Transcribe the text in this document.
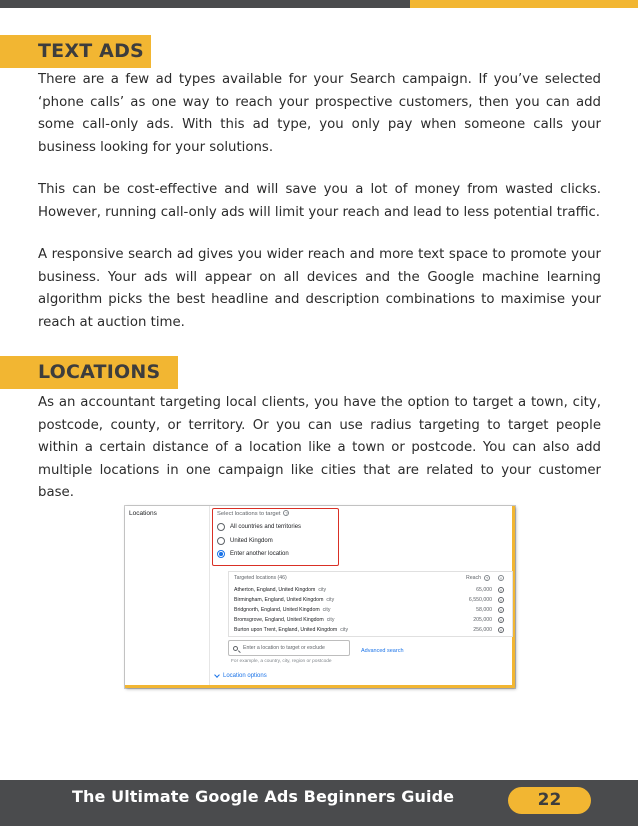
TEXT ADS

There are a few ad types available for your Search campaign. If you’ve selected ‘phone calls’ as one way to reach your prospective customers, then you can add some call-only ads. With this ad type, you only pay when someone calls your business looking for your solutions.

This can be cost-effective and will save you a lot of money from wasted clicks. However, running call-only ads will limit your reach and lead to less potential traffic.

A responsive search ad gives you wider reach and more text space to promote your business. Your ads will appear on all devices and the Google machine learning algorithm picks the best headline and description combinations to maximise your reach at auction time.

LOCATIONS

As an accountant targeting local clients, you have the option to target a town, city, postcode, county, or territory. Or you can use radius targeting to target people within a certain distance of a location like a town or postcode. You can also add multiple locations in one campaign like cities that are related to your customer base.

Locations	Select locations to target ?
All countries and territories
United Kingdom
Enter another location
Targeted locations (46)	Reach	?	×
Atherton, England, United Kingdom city	65,000	×
Birmingham, England, United Kingdom city	6,550,000	×
Bridgnorth, England, United Kingdom city	58,000	×
Bromsgrove, England, United Kingdom city	205,000	×
Burton upon Trent, England, United Kingdom city	256,000	×
Enter a location to target or exclude	Advanced search
For example, a country, city, region or postcode
Location options
The Ultimate Google Ads Beginners Guide	22
